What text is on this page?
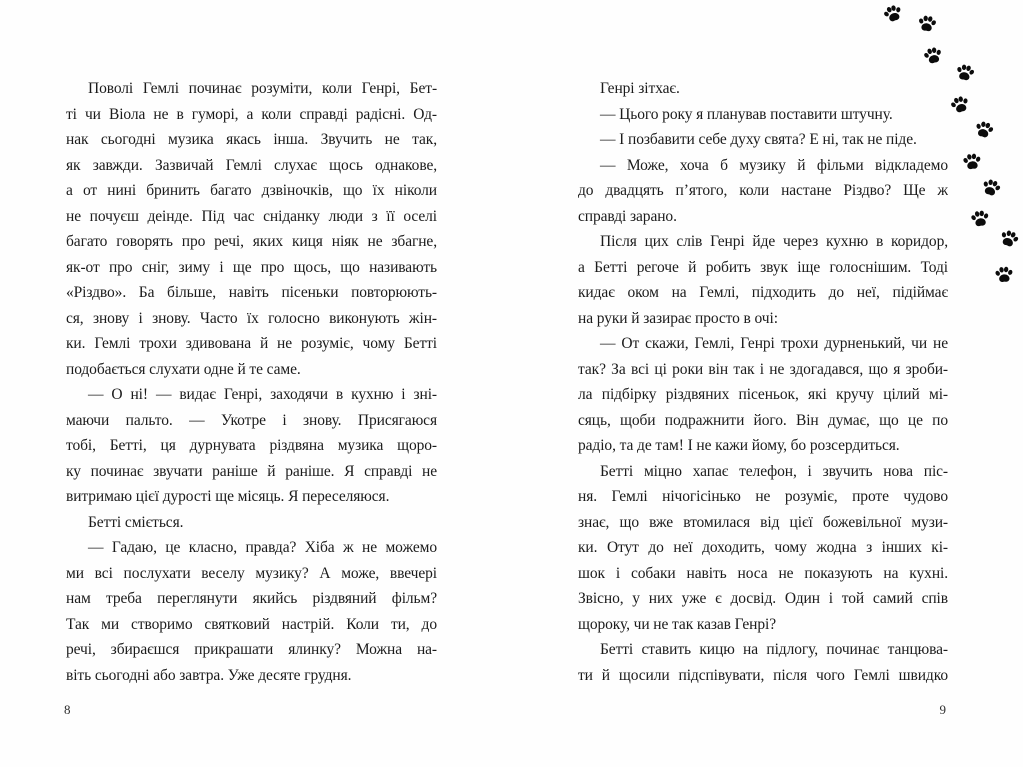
Поволі Гемлі починає розуміти, коли Генрі, Бет-
ті чи Віола не в гуморі, а коли справді радісні. Од-
нак сьогодні музика якась інша. Звучить не так,
як завжди. Зазвичай Гемлі слухає щось однакове,
а от нині бринить багато дзвіночків, що їх ніколи
не почуєш деінде. Під час сніданку люди з її оселі
багато говорять про речі, яких киця ніяк не збагне,
як-от про сніг, зиму і ще про щось, що називають
«Різдво». Ба більше, навіть пісеньки повторюють-
ся, знову і знову. Часто їх голосно виконують жін-
ки. Гемлі трохи здивована й не розуміє, чому Бетті
подобається слухати одне й те саме.
— О ні! — видає Генрі, заходячи в кухню і зні-
маючи пальто. — Укотре і знову. Присягаюся
тобі, Бетті, ця дурнувата різдвяна музика щоро-
ку починає звучати раніше й раніше. Я справді не
витримаю цієї дурості ще місяць. Я переселяюся.
Бетті сміється.
— Гадаю, це класно, правда? Хіба ж не можемо
ми всі послухати веселу музику? А може, ввечері
нам треба переглянути якийсь різдвяний фільм?
Так ми створимо святковий настрій. Коли ти, до
речі, збираєшся прикрашати ялинку? Можна на-
віть сьогодні або завтра. Уже десяте грудня.
Генрі зітхає.
— Цього року я планував поставити штучну.
— І позбавити себе духу свята? Е ні, так не піде.
— Може, хоча б музику й фільми відкладемо
до двадцять п’ятого, коли настане Різдво? Ще ж
справді зарано.
Після цих слів Генрі йде через кухню в коридор,
а Бетті регоче й робить звук іще голоснішим. Тоді
кидає оком на Гемлі, підходить до неї, підіймає
на руки й зазирає просто в очі:
— От скажи, Гемлі, Генрі трохи дурненький, чи не
так? За всі ці роки він так і не здогадався, що я зроби-
ла підбірку різдвяних пісеньок, які кручу цілий мі-
сяць, щоби подражнити його. Він думає, що це по
радіо, та де там! І не кажи йому, бо розсердиться.
Бетті міцно хапає телефон, і звучить нова піс-
ня. Гемлі нічогісінько не розуміє, проте чудово
знає, що вже втомилася від цієї божевільної музи-
ки. Отут до неї доходить, чому жодна з інших кі-
шок і собаки навіть носа не показують на кухні.
Звісно, у них уже є досвід. Один і той самий спів
щороку, чи не так казав Генрі?
Бетті ставить кицю на підлогу, починає танцюва-
ти й щосили підспівувати, після чого Гемлі швидко
8	9
